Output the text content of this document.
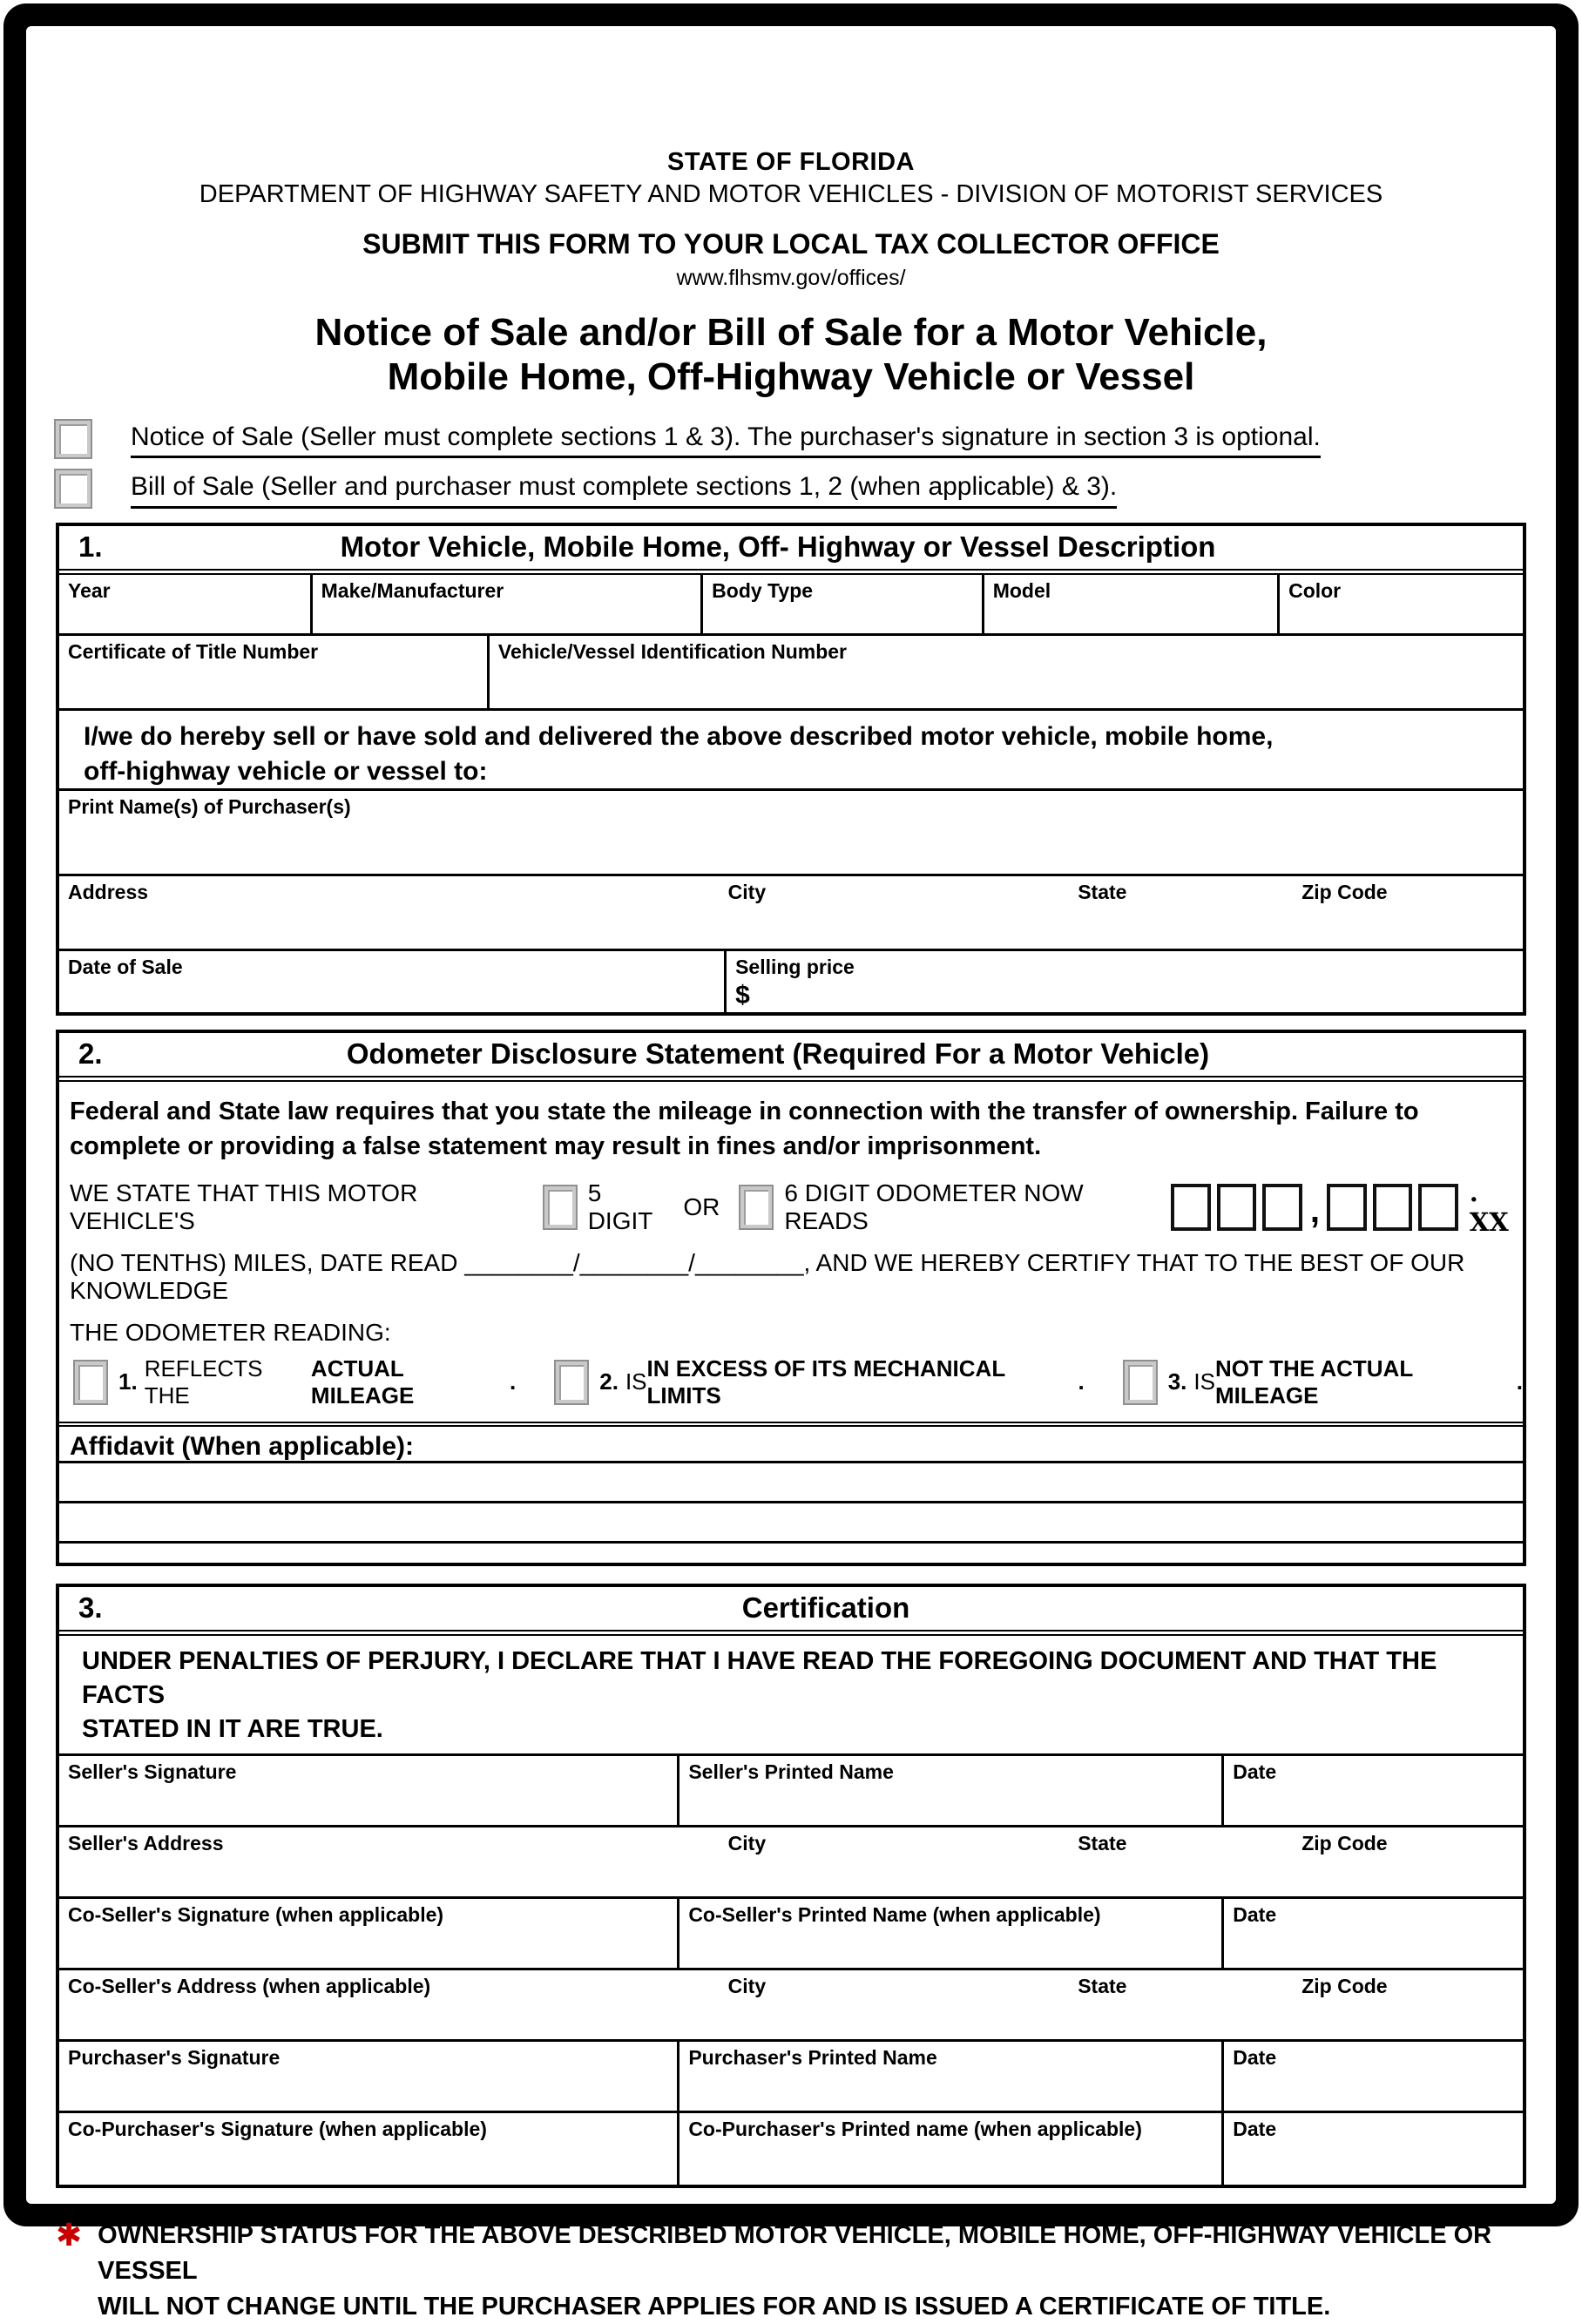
STATE OF FLORIDA
DEPARTMENT OF HIGHWAY SAFETY AND MOTOR VEHICLES - DIVISION OF MOTORIST SERVICES
SUBMIT THIS FORM TO YOUR LOCAL TAX COLLECTOR OFFICE
www.flhsmv.gov/offices/
Notice of Sale and/or Bill of Sale for a Motor Vehicle,
Mobile Home, Off-Highway Vehicle or Vessel
Notice of Sale (Seller must complete sections 1 & 3). The purchaser's signature in section 3 is optional.
Bill of Sale (Seller and purchaser must complete sections 1, 2 (when applicable) & 3).
1.	Motor Vehicle, Mobile Home, Off- Highway or Vessel Description
Year	Make/Manufacturer	Body Type	Model	Color
Certificate of Title Number	Vehicle/Vessel Identification Number
I/we do hereby sell or have sold and delivered the above described motor vehicle, mobile home,
off-highway vehicle or vessel to:
Print Name(s) of Purchaser(s)
Address	City	State	Zip Code
Date of Sale	Selling price
$
2.	Odometer Disclosure Statement (Required For a Motor Vehicle)
Federal and State law requires that you state the mileage in connection with the transfer of ownership. Failure to
complete or providing a false statement may result in fines and/or imprisonment.
WE STATE THAT THIS MOTOR VEHICLE'S
5 DIGIT
OR
6 DIGIT ODOMETER NOW READS	,	. XX
(NO TENTHS) MILES, DATE READ ________/________/________, AND WE HEREBY CERTIFY THAT TO THE BEST OF OUR KNOWLEDGE
THE ODOMETER READING:
1.
REFLECTS THE
ACTUAL MILEAGE
.	2. IS
IN EXCESS OF ITS MECHANICAL LIMITS
.	3. IS
NOT THE ACTUAL MILEAGE
.
Affidavit (When applicable):
3.	Certification
UNDER PENALTIES OF PERJURY, I DECLARE THAT I HAVE READ THE FOREGOING DOCUMENT AND THAT THE FACTS
STATED IN IT ARE TRUE.
Seller's Signature	Seller's Printed Name	Date
Seller's Address	City	State	Zip Code
Co-Seller's Signature (when applicable)	Co-Seller's Printed Name (when applicable)	Date
Co-Seller's Address (when applicable)	City	State	Zip Code
Purchaser's Signature	Purchaser's Printed Name	Date
Co-Purchaser's Signature (when applicable)	Co-Purchaser's Printed name (when applicable)	Date
✱ OWNERSHIP STATUS FOR THE ABOVE DESCRIBED MOTOR VEHICLE, MOBILE HOME, OFF-HIGHWAY VEHICLE OR VESSEL
WILL NOT CHANGE UNTIL THE PURCHASER APPLIES FOR AND IS ISSUED A CERTIFICATE OF TITLE.
